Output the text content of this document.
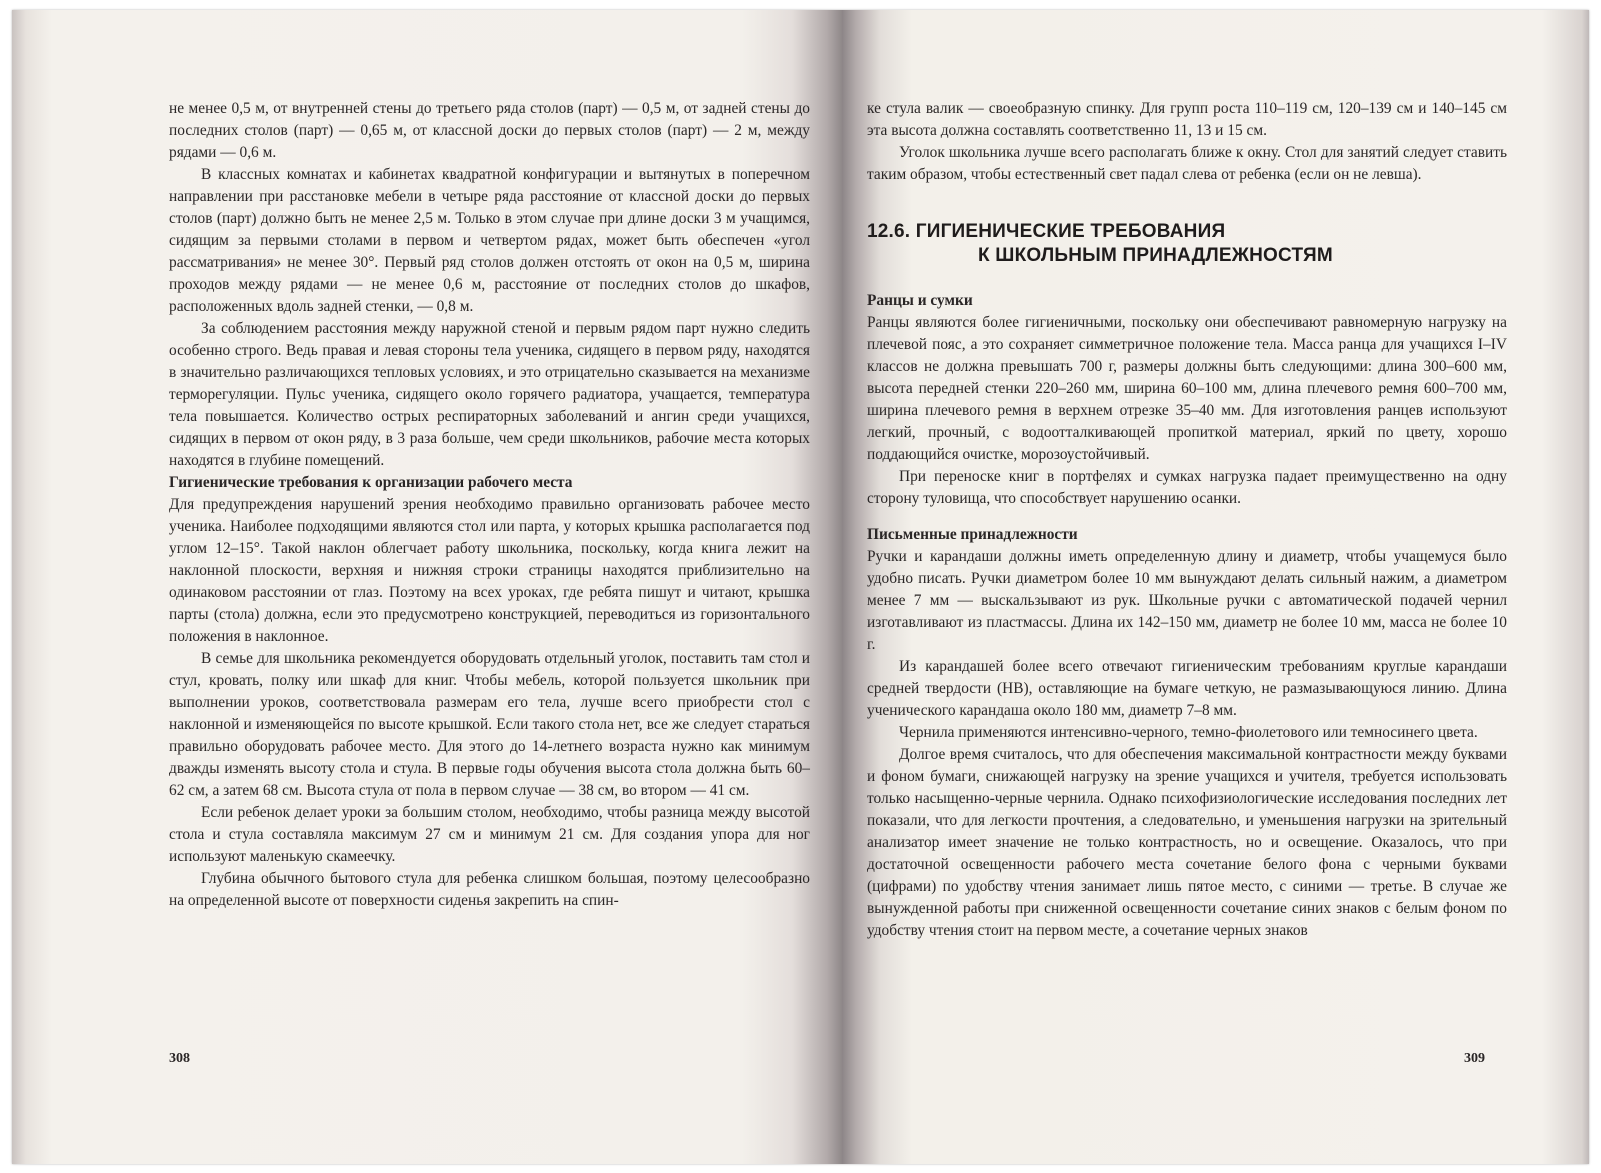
не менее 0,5 м, от внутренней стены до третьего ряда столов (парт) — 0,5 м, от задней стены до последних столов (парт) — 0,65 м, от классной доски до первых столов (парт) — 2 м, между рядами — 0,6 м.

В классных комнатах и кабинетах квадратной конфигурации и вытянутых в поперечном направлении при расстановке мебели в четыре ряда расстояние от классной доски до первых столов (парт) должно быть не менее 2,5 м. Только в этом случае при длине доски 3 м учащимся, сидящим за первыми столами в первом и четвертом рядах, может быть обеспечен «угол рассматривания» не менее 30°. Первый ряд столов должен отстоять от окон на 0,5 м, ширина проходов между рядами — не менее 0,6 м, расстояние от последних столов до шкафов, расположенных вдоль задней стенки, — 0,8 м.

За соблюдением расстояния между наружной стеной и первым рядом парт нужно следить особенно строго. Ведь правая и левая стороны тела ученика, сидящего в первом ряду, находятся в значительно различающихся тепловых условиях, и это отрицательно сказывается на механизме терморегуляции. Пульс ученика, сидящего около горячего радиатора, учащается, температура тела повышается. Количество острых респираторных заболеваний и ангин среди учащихся, сидящих в первом от окон ряду, в 3 раза больше, чем среди школьников, рабочие места которых находятся в глубине помещений.

Гигиенические требования к организации рабочего места

Для предупреждения нарушений зрения необходимо правильно организовать рабочее место ученика. Наиболее подходящими являются стол или парта, у которых крышка располагается под углом 12–15°. Такой наклон облегчает работу школьника, поскольку, когда книга лежит на наклонной плоскости, верхняя и нижняя строки страницы находятся приблизительно на одинаковом расстоянии от глаз. Поэтому на всех уроках, где ребята пишут и читают, крышка парты (стола) должна, если это предусмотрено конструкцией, переводиться из горизонтального положения в наклонное.

В семье для школьника рекомендуется оборудовать отдельный уголок, поставить там стол и стул, кровать, полку или шкаф для книг. Чтобы мебель, которой пользуется школьник при выполнении уроков, соответствовала размерам его тела, лучше всего приобрести стол с наклонной и изменяющейся по высоте крышкой. Если такого стола нет, все же следует стараться правильно оборудовать рабочее место. Для этого до 14-летнего возраста нужно как минимум дважды изменять высоту стола и стула. В первые годы обучения высота стола должна быть 60–62 см, а затем 68 см. Высота стула от пола в первом случае — 38 см, во втором — 41 см.

Если ребенок делает уроки за большим столом, необходимо, чтобы разница между высотой стола и стула составляла максимум 27 см и минимум 21 см. Для создания упора для ног используют маленькую скамеечку.

Глубина обычного бытового стула для ребенка слишком большая, поэтому целесообразно на определенной высоте от поверхности сиденья закрепить на спин-

308

ке стула валик — своеобразную спинку. Для групп роста 110–119 см, 120–139 см и 140–145 см эта высота должна составлять соответственно 11, 13 и 15 см.

Уголок школьника лучше всего располагать ближе к окну. Стол для занятий следует ставить таким образом, чтобы естественный свет падал слева от ребенка (если он не левша).

12.6. ГИГИЕНИЧЕСКИЕ ТРЕБОВАНИЯ
К ШКОЛЬНЫМ ПРИНАДЛЕЖНОСТЯМ

Ранцы и сумки

Ранцы являются более гигиеничными, поскольку они обеспечивают равномерную нагрузку на плечевой пояс, а это сохраняет симметричное положение тела. Масса ранца для учащихся I–IV классов не должна превышать 700 г, размеры должны быть следующими: длина 300–600 мм, высота передней стенки 220–260 мм, ширина 60–100 мм, длина плечевого ремня 600–700 мм, ширина плечевого ремня в верхнем отрезке 35–40 мм. Для изготовления ранцев используют легкий, прочный, с водоотталкивающей пропиткой материал, яркий по цвету, хорошо поддающийся очистке, морозоустойчивый.

При переноске книг в портфелях и сумках нагрузка падает преимущественно на одну сторону туловища, что способствует нарушению осанки.

Письменные принадлежности

Ручки и карандаши должны иметь определенную длину и диаметр, чтобы учащемуся было удобно писать. Ручки диаметром более 10 мм вынуждают делать сильный нажим, а диаметром менее 7 мм — выскальзывают из рук. Школьные ручки с автоматической подачей чернил изготавливают из пластмассы. Длина их 142–150 мм, диаметр не более 10 мм, масса не более 10 г.

Из карандашей более всего отвечают гигиеническим требованиям круглые карандаши средней твердости (HB), оставляющие на бумаге четкую, не размазывающуюся линию. Длина ученического карандаша около 180 мм, диаметр 7–8 мм.

Чернила применяются интенсивно-черного, темно-фиолетового или темносинего цвета.

Долгое время считалось, что для обеспечения максимальной контрастности между буквами и фоном бумаги, снижающей нагрузку на зрение учащихся и учителя, требуется использовать только насыщенно-черные чернила. Однако психофизиологические исследования последних лет показали, что для легкости прочтения, а следовательно, и уменьшения нагрузки на зрительный анализатор имеет значение не только контрастность, но и освещение. Оказалось, что при достаточной освещенности рабочего места сочетание белого фона с черными буквами (цифрами) по удобству чтения занимает лишь пятое место, с синими — третье. В случае же вынужденной работы при сниженной освещенности сочетание синих знаков с белым фоном по удобству чтения стоит на первом месте, а сочетание черных знаков

309
